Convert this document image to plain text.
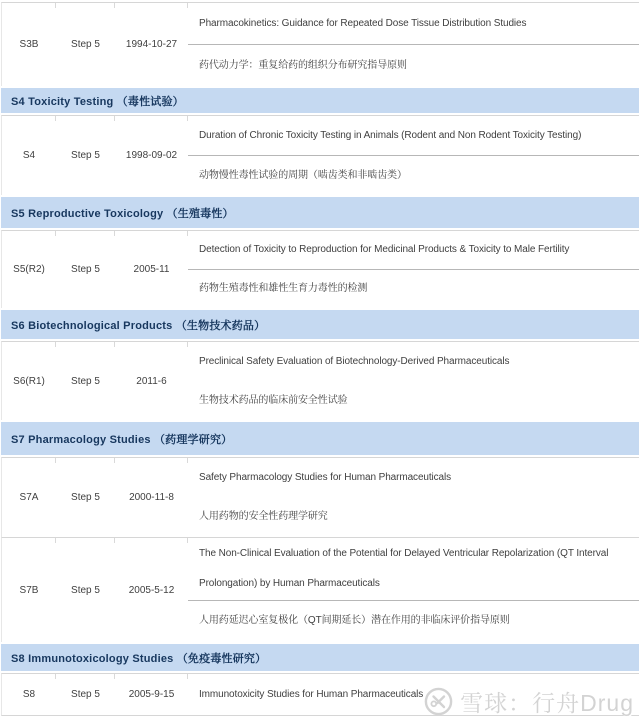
S3B	Step 5	1994-10-27
Pharmacokinetics: Guidance for Repeated Dose Tissue Distribution Studies
药代动力学：重复给药的组织分布研究指导原则
S4 Toxicity Testing （毒性试验）
S4	Step 5	1998-09-02
Duration of Chronic Toxicity Testing in Animals (Rodent and Non Rodent Toxicity Testing)
动物慢性毒性试验的周期（啮齿类和非啮齿类）
S5 Reproductive Toxicology （生殖毒性）
S5(R2)	Step 5	2005-11
Detection of Toxicity to Reproduction for Medicinal Products & Toxicity to Male Fertility
药物生殖毒性和雄性生育力毒性的检测
S6 Biotechnological Products （生物技术药品）
S6(R1)	Step 5	2011-6
Preclinical Safety Evaluation of Biotechnology-Derived Pharmaceuticals
生物技术药品的临床前安全性试验
S7 Pharmacology Studies （药理学研究）
S7A	Step 5	2000-11-8
Safety Pharmacology Studies for Human Pharmaceuticals
人用药物的安全性药理学研究
S7B	Step 5	2005-5-12
The Non-Clinical Evaluation of the Potential for Delayed Ventricular Repolarization (QT Interval Prolongation) by Human Pharmaceuticals
人用药延迟心室复极化（QT间期延长）潜在作用的非临床评价指导原则
S8 Immunotoxicology Studies （免疫毒性研究）
S8	Step 5	2005-9-15	Immunotoxicity Studies for Human Pharmaceuticals	雪球：行舟Drug
